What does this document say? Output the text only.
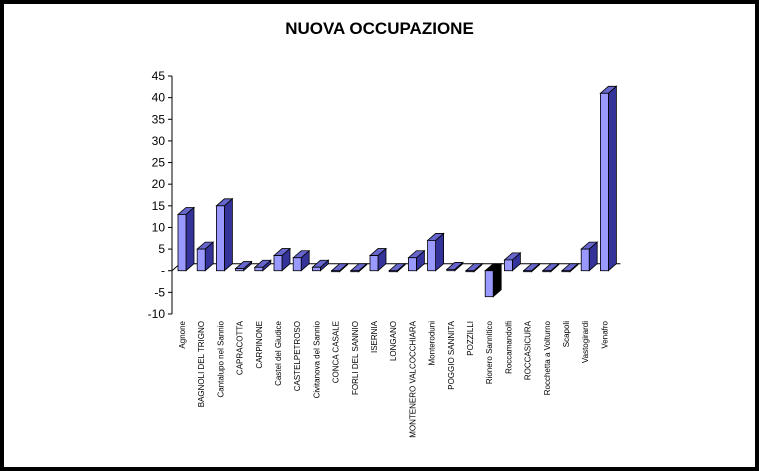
NUOVA OCCUPAZIONE
45
40
35
30
25
20
15
10
5
-
-5
-10
Agnone BAGNOLI DEL TRIGNO Cantalupo nel Sannio CAPRACOTTA CARPINONE Castel del Giudice CASTELPETROSO Civitanova del Sannio CONCA CASALE FORLI DEL SANNIO ISERNIA LONGANO MONTENERO VALCOCCHIARA Monteroduni POGGIO SANNITA POZZILLI Rionero Sannitico Roccamandolfi ROCCASICURA Rocchetta a Volturno Scapoli Vastogirardi Venafro
